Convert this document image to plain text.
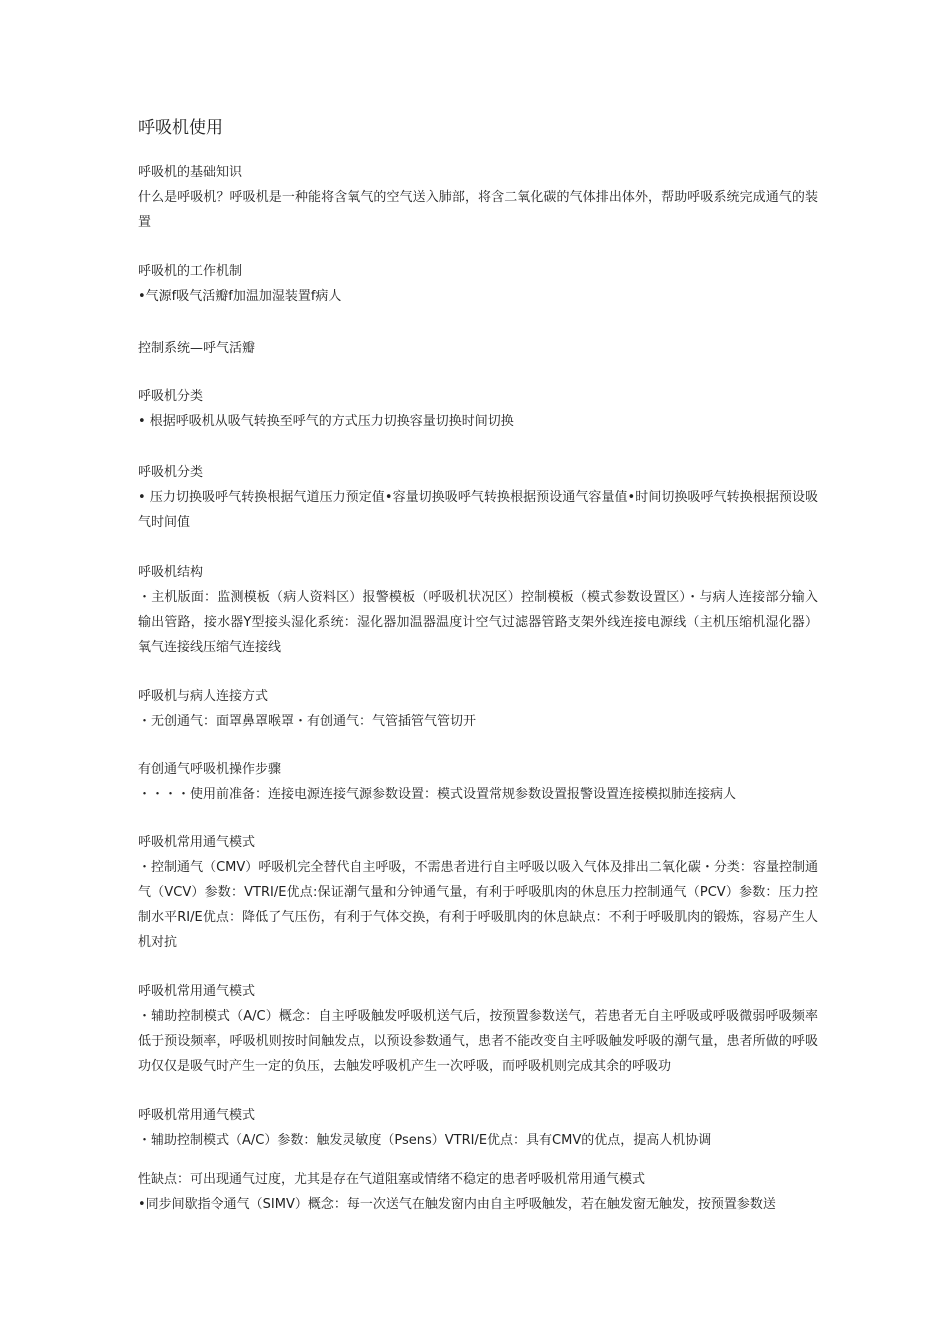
呼吸机使用

呼吸机的基础知识

什么是呼吸机？呼吸机是一种能将含氧气的空气送入肺部，将含二氧化碳的气体排出体外，帮助呼吸系统完成通气的装置

呼吸机的工作机制

•气源f吸气活瓣f加温加湿装置f病人

控制系统—呼气活瓣

呼吸机分类

• 根据呼吸机从吸气转换至呼气的方式压力切换容量切换时间切换

呼吸机分类

• 压力切换吸呼气转换根据气道压力预定值•容量切换吸呼气转换根据预设通气容量值•时间切换吸呼气转换根据预设吸气时间值

呼吸机结构

・主机版面：监测模板（病人资料区）报警模板（呼吸机状况区）控制模板（模式参数设置区）・与病人连接部分输入输出管路，接水器Y型接头湿化系统：湿化器加温器温度计空气过滤器管路支架外线连接电源线（主机压缩机湿化器）氧气连接线压缩气连接线

呼吸机与病人连接方式

・无创通气：面罩鼻罩喉罩・有创通气：气管插管气管切开

有创通气呼吸机操作步骤

・・・・使用前准备：连接电源连接气源参数设置：模式设置常规参数设置报警设置连接模拟肺连接病人

呼吸机常用通气模式

・控制通气（CMV）呼吸机完全替代自主呼吸，不需患者进行自主呼吸以吸入气体及排出二氧化碳・分类：容量控制通气（VCV）参数：VTRI/E优点:保证潮气量和分钟通气量，有利于呼吸肌肉的休息压力控制通气（PCV）参数：压力控制水平RI/E优点：降低了气压伤，有利于气体交换，有利于呼吸肌肉的休息缺点：不利于呼吸肌肉的锻炼，容易产生人机对抗

呼吸机常用通气模式

・辅助控制模式（A/C）概念：自主呼吸触发呼吸机送气后，按预置参数送气，若患者无自主呼吸或呼吸微弱呼吸频率低于预设频率，呼吸机则按时间触发点，以预设参数通气，患者不能改变自主呼吸触发呼吸的潮气量，患者所做的呼吸功仅仅是吸气时产生一定的负压，去触发呼吸机产生一次呼吸，而呼吸机则完成其余的呼吸功

呼吸机常用通气模式

・辅助控制模式（A/C）参数：触发灵敏度（Psens）VTRI/E优点：具有CMV的优点，提高人机协调

性缺点：可出现通气过度，尤其是存在气道阻塞或情绪不稳定的患者呼吸机常用通气模式

•同步间歇指令通气（SIMV）概念：每一次送气在触发窗内由自主呼吸触发，若在触发窗无触发，按预置参数送
